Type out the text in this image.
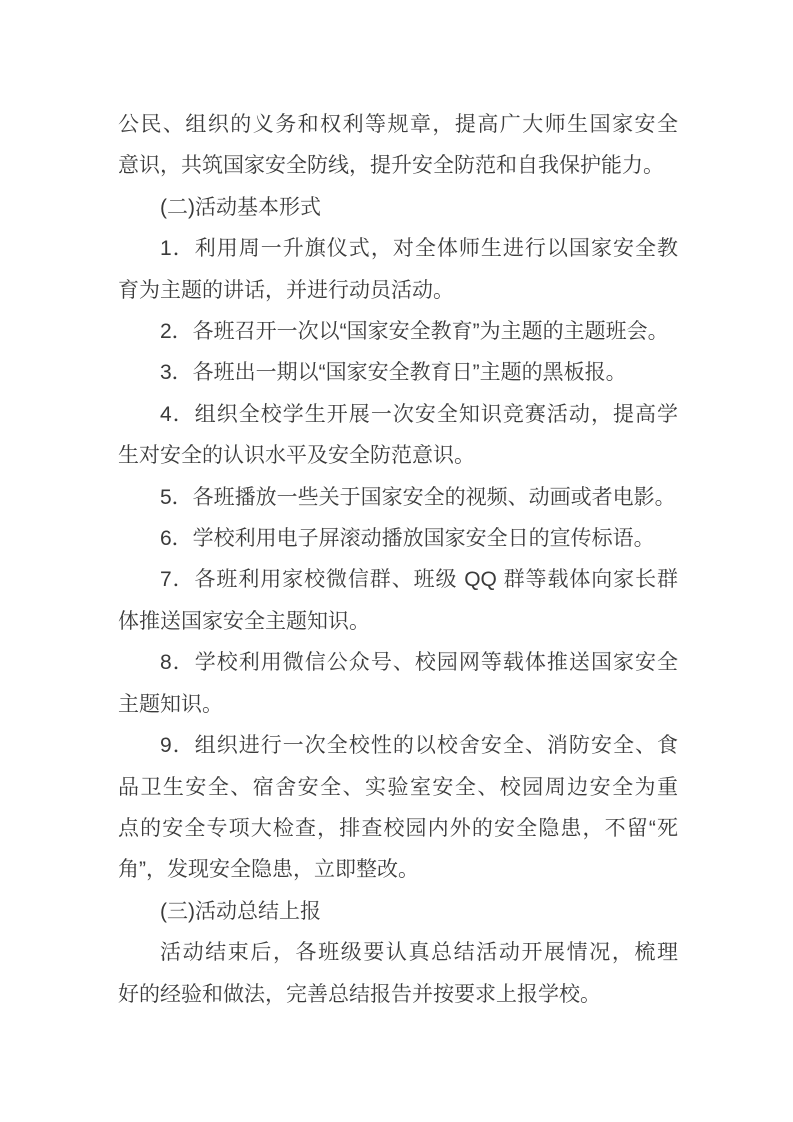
公民、组织的义务和权利等规章，提高广大师生国家安全
意识，共筑国家安全防线，提升安全防范和自我保护能力。
(二)活动基本形式
1．利用周一升旗仪式，对全体师生进行以国家安全教
育为主题的讲话，并进行动员活动。
2．各班召开一次以“国家安全教育”为主题的主题班会。
3．各班出一期以“国家安全教育日”主题的黑板报。
4．组织全校学生开展一次安全知识竞赛活动，提高学
生对安全的认识水平及安全防范意识。
5．各班播放一些关于国家安全的视频、动画或者电影。
6．学校利用电子屏滚动播放国家安全日的宣传标语。
7．各班利用家校微信群、班级 QQ 群等载体向家长群
体推送国家安全主题知识。
8．学校利用微信公众号、校园网等载体推送国家安全
主题知识。
9．组织进行一次全校性的以校舍安全、消防安全、食
品卫生安全、宿舍安全、实验室安全、校园周边安全为重
点的安全专项大检查，排查校园内外的安全隐患，不留“死
角”，发现安全隐患，立即整改。
(三)活动总结上报
活动结束后，各班级要认真总结活动开展情况，梳理
好的经验和做法，完善总结报告并按要求上报学校。
